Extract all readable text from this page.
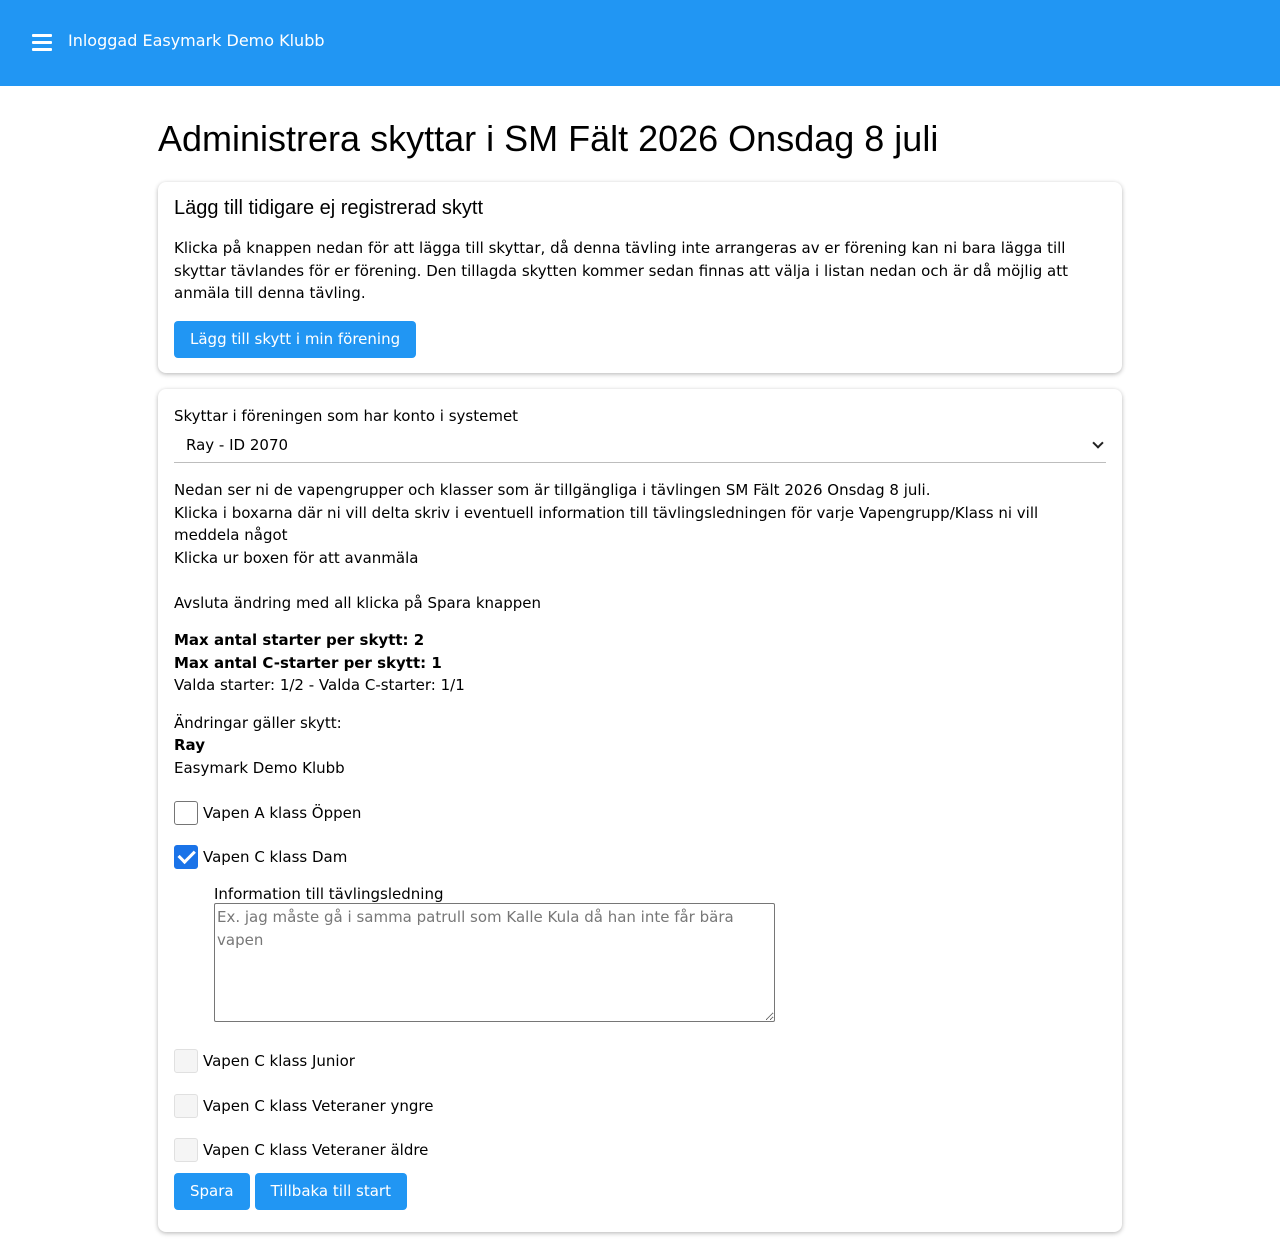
Inloggad Easymark Demo Klubb
Administrera skyttar i SM Fält 2026 Onsdag 8 juli
Lägg till tidigare ej registrerad skytt
Klicka på knappen nedan för att lägga till skyttar, då denna tävling inte arrangeras av er förening kan ni bara lägga till skyttar tävlandes för er förening. Den tillagda skytten kommer sedan finnas att välja i listan nedan och är då möjlig att anmäla till denna tävling.
Lägg till skytt i min förening
Skyttar i föreningen som har konto i systemet
Ray - ID 2070
Nedan ser ni de vapengrupper och klasser som är tillgängliga i tävlingen SM Fält 2026 Onsdag 8 juli.
Klicka i boxarna där ni vill delta skriv i eventuell information till tävlingsledningen för varje Vapengrupp/Klass ni vill meddela något
Klicka ur boxen för att avanmäla
Avsluta ändring med all klicka på Spara knappen
Max antal starter per skytt: 2
Max antal C-starter per skytt: 1
Valda starter: 1/2 - Valda C-starter: 1/1
Ändringar gäller skytt:
Ray
Easymark Demo Klubb
Vapen A klass Öppen
Vapen C klass Dam
Information till tävlingsledning
Ex. jag måste gå i samma patrull som Kalle Kula då han inte får bära vapen
Vapen C klass Junior
Vapen C klass Veteraner yngre
Vapen C klass Veteraner äldre
Spara	Tillbaka till start
